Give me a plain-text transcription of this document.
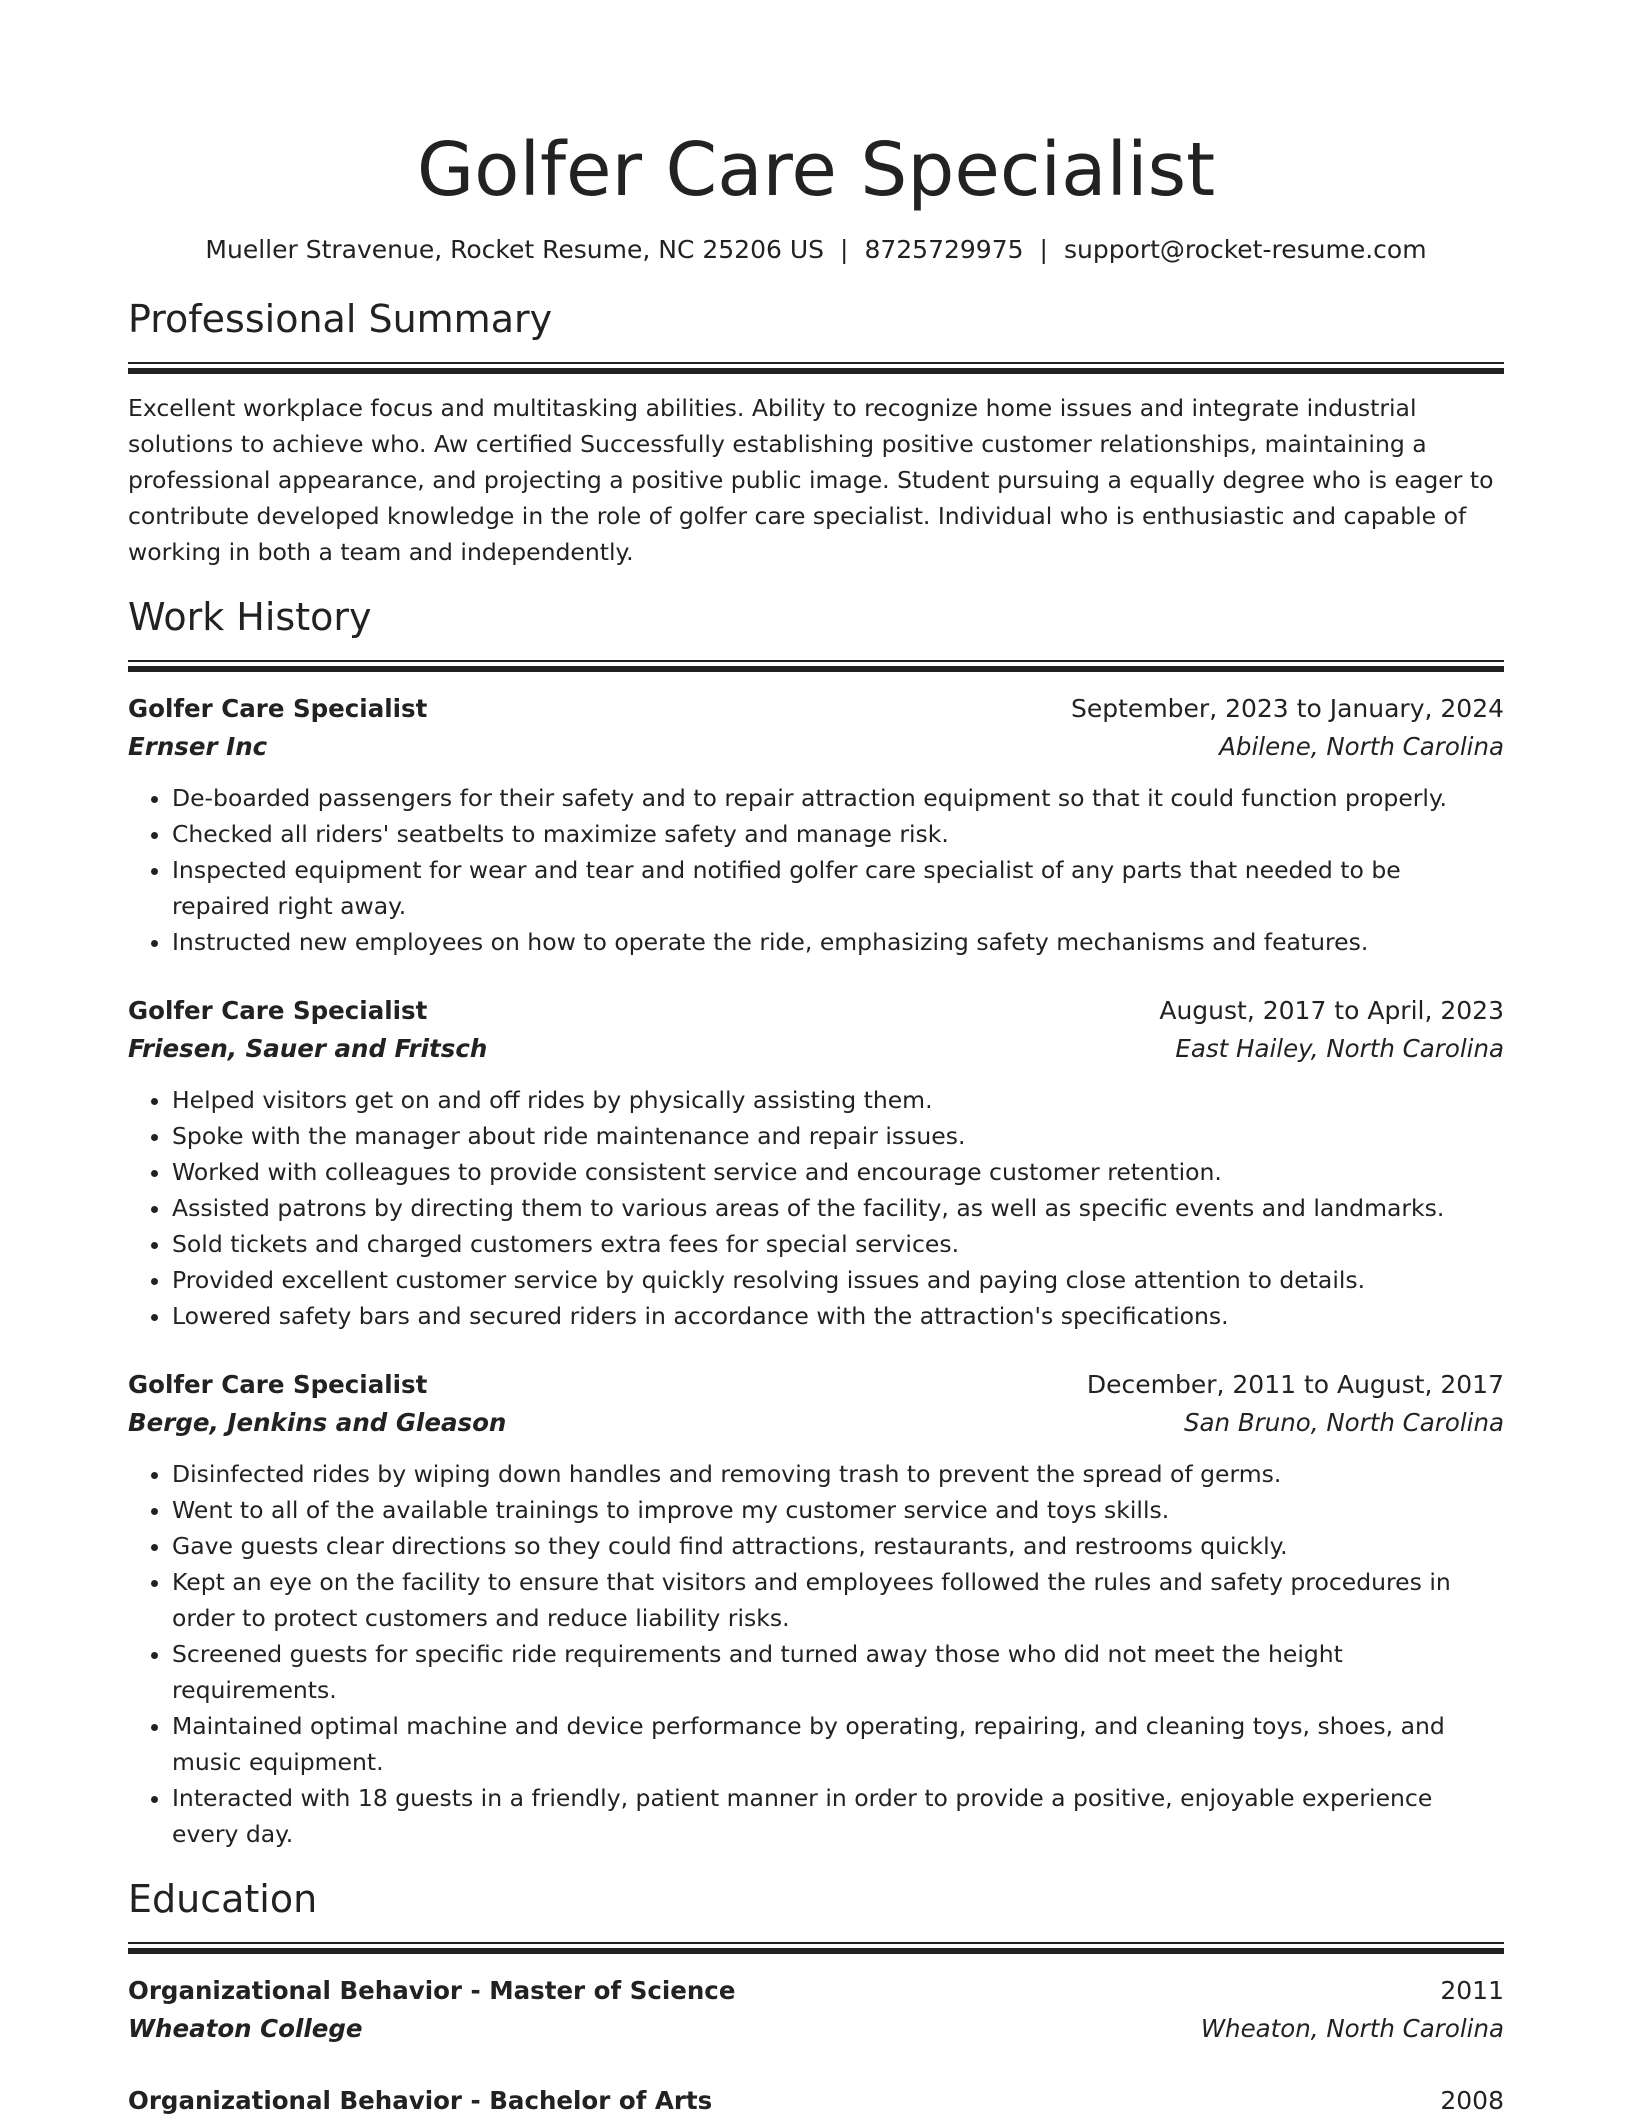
Golfer Care Specialist
Mueller Stravenue, Rocket Resume, NC 25206 US | 8725729975 | support@rocket-resume.com
Professional Summary
Excellent workplace focus and multitasking abilities. Ability to recognize home issues and integrate industrial solutions to achieve who. Aw certified Successfully establishing positive customer relationships, maintaining a professional appearance, and projecting a positive public image. Student pursuing a equally degree who is eager to contribute developed knowledge in the role of golfer care specialist. Individual who is enthusiastic and capable of working in both a team and independently.
Work History
Golfer Care Specialist	September, 2023 to January, 2024
Ernser Inc	Abilene, North Carolina
• De-boarded passengers for their safety and to repair attraction equipment so that it could function properly.
• Checked all riders' seatbelts to maximize safety and manage risk.
• Inspected equipment for wear and tear and notified golfer care specialist of any parts that needed to be repaired right away.
• Instructed new employees on how to operate the ride, emphasizing safety mechanisms and features.
Golfer Care Specialist	August, 2017 to April, 2023
Friesen, Sauer and Fritsch	East Hailey, North Carolina
• Helped visitors get on and off rides by physically assisting them.
• Spoke with the manager about ride maintenance and repair issues.
• Worked with colleagues to provide consistent service and encourage customer retention.
• Assisted patrons by directing them to various areas of the facility, as well as specific events and landmarks.
• Sold tickets and charged customers extra fees for special services.
• Provided excellent customer service by quickly resolving issues and paying close attention to details.
• Lowered safety bars and secured riders in accordance with the attraction's specifications.
Golfer Care Specialist	December, 2011 to August, 2017
Berge, Jenkins and Gleason	San Bruno, North Carolina
• Disinfected rides by wiping down handles and removing trash to prevent the spread of germs.
• Went to all of the available trainings to improve my customer service and toys skills.
• Gave guests clear directions so they could find attractions, restaurants, and restrooms quickly.
• Kept an eye on the facility to ensure that visitors and employees followed the rules and safety procedures in order to protect customers and reduce liability risks.
• Screened guests for specific ride requirements and turned away those who did not meet the height requirements.
• Maintained optimal machine and device performance by operating, repairing, and cleaning toys, shoes, and music equipment.
• Interacted with 18 guests in a friendly, patient manner in order to provide a positive, enjoyable experience every day.
Education
Organizational Behavior - Master of Science	2011
Wheaton College	Wheaton, North Carolina
Organizational Behavior - Bachelor of Arts	2008
